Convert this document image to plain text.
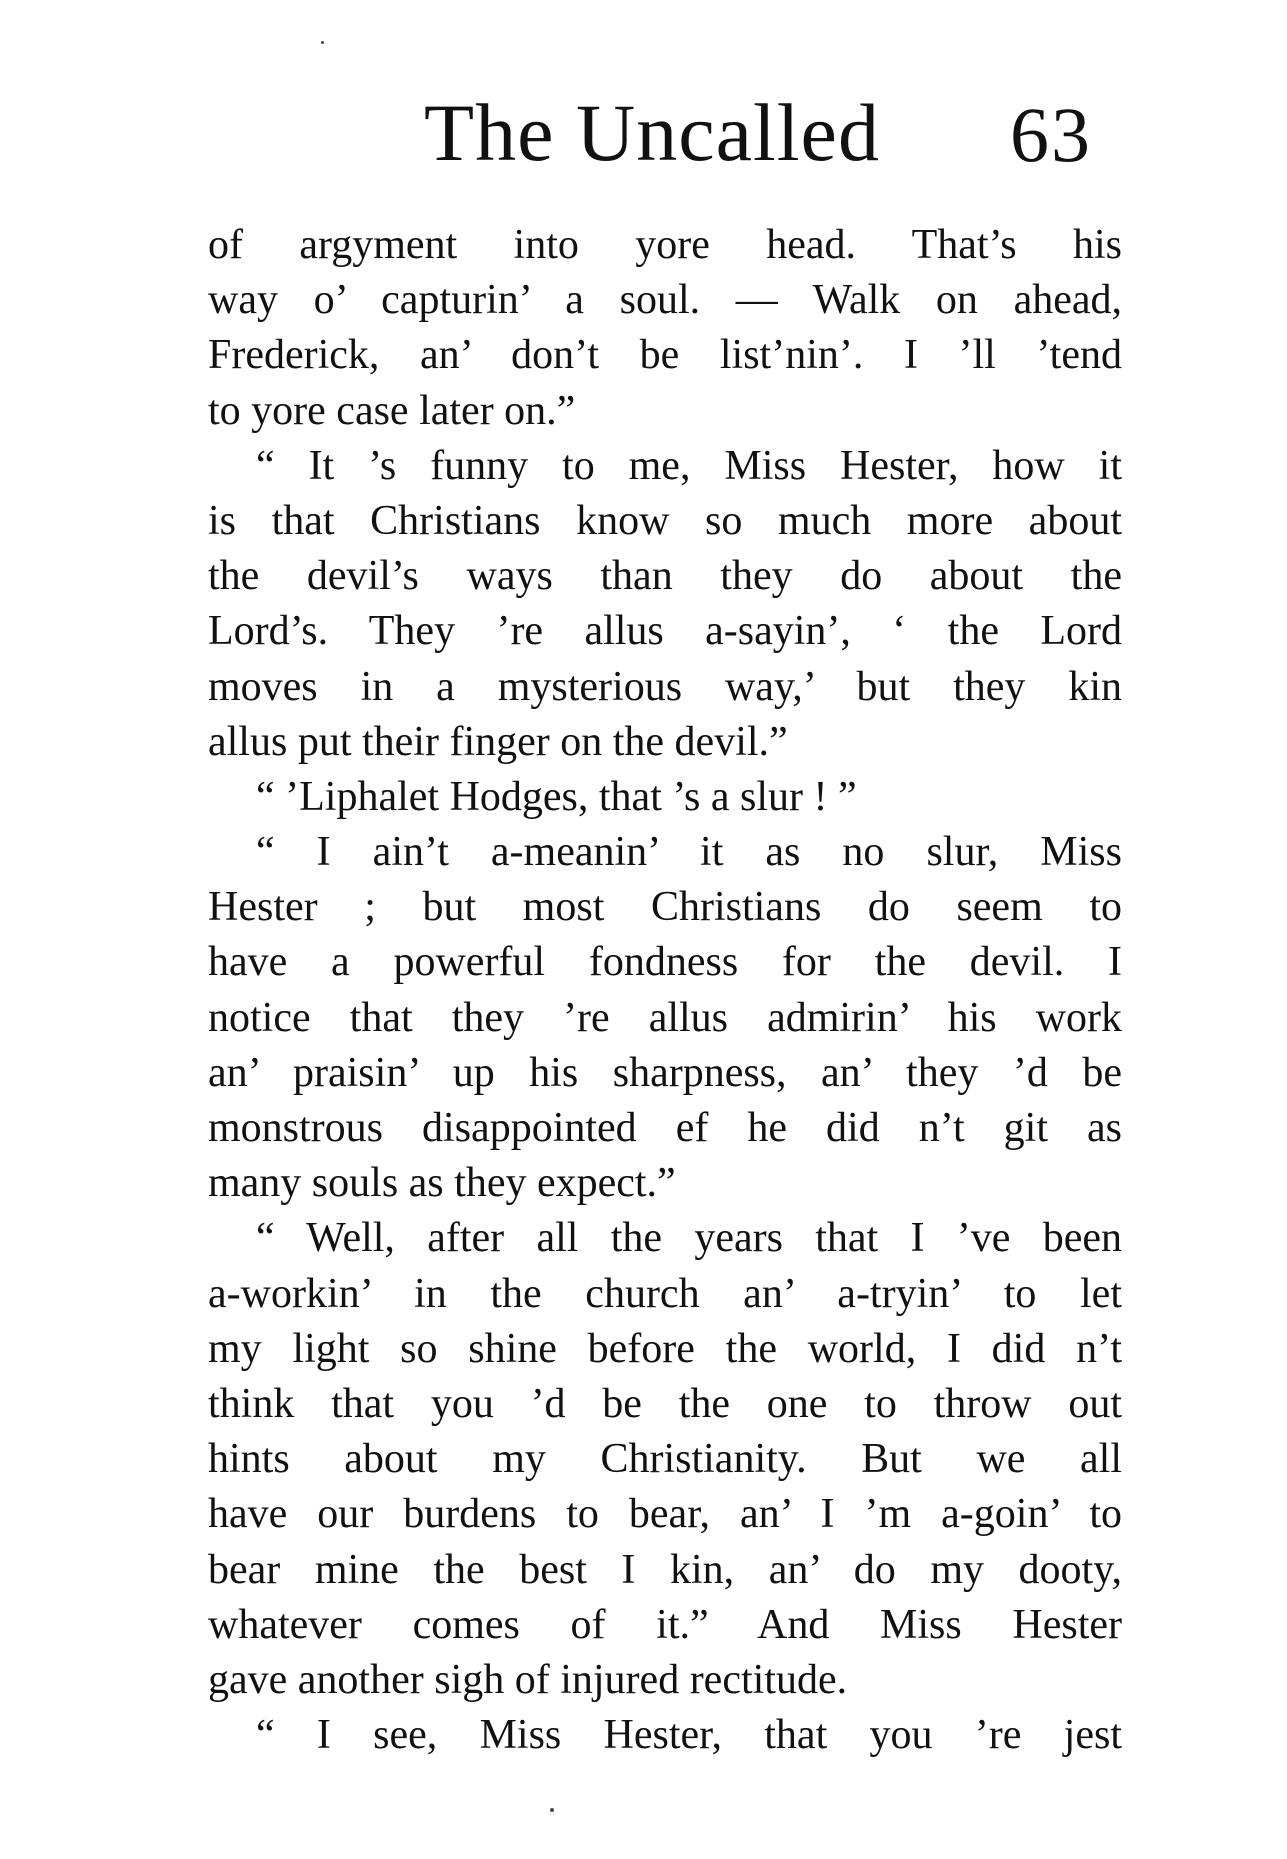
The Uncalled 63
of argyment into yore head. That’s his
way o’ capturin’ a soul. — Walk on ahead,
Frederick, an’ don’t be list’nin’. I ’ll ’tend
to yore case later on.”
“ It ’s funny to me, Miss Hester, how it
is that Christians know so much more about
the devil’s ways than they do about the
Lord’s. They ’re allus a-sayin’, ‘ the Lord
moves in a mysterious way,’ but they kin
allus put their finger on the devil.”
“ ’Liphalet Hodges, that ’s a slur ! ”
“ I ain’t a-meanin’ it as no slur, Miss
Hester ; but most Christians do seem to
have a powerful fondness for the devil. I
notice that they ’re allus admirin’ his work
an’ praisin’ up his sharpness, an’ they ’d be
monstrous disappointed ef he did n’t git as
many souls as they expect.”
“ Well, after all the years that I ’ve been
a-workin’ in the church an’ a-tryin’ to let
my light so shine before the world, I did n’t
think that you ’d be the one to throw out
hints about my Christianity. But we all
have our burdens to bear, an’ I ’m a-goin’ to
bear mine the best I kin, an’ do my dooty,
whatever comes of it.” And Miss Hester
gave another sigh of injured rectitude.
“ I see, Miss Hester, that you ’re jest
